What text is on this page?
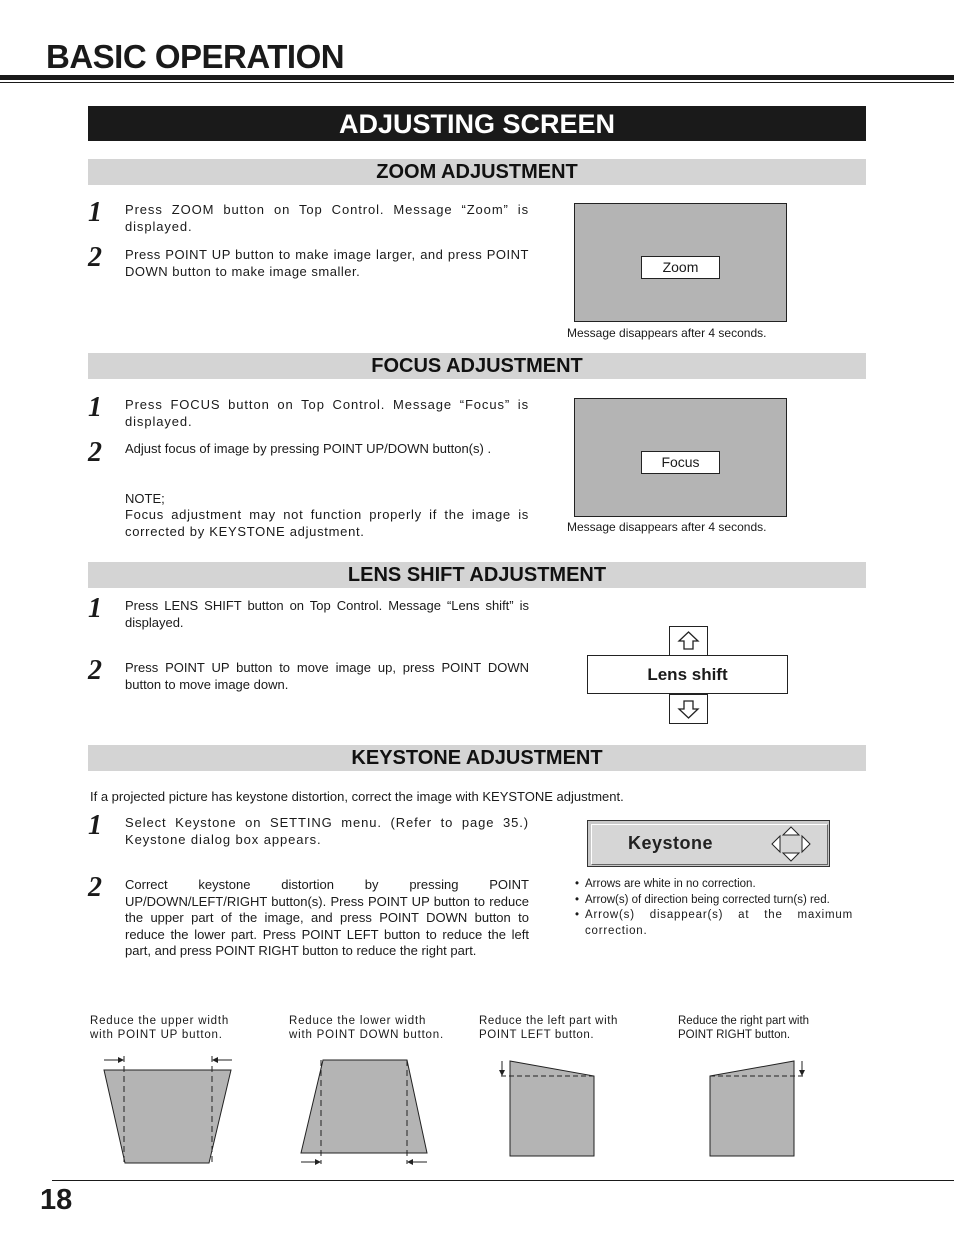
BASIC OPERATION
ADJUSTING SCREEN
ZOOM ADJUSTMENT
1 Press ZOOM button on Top Control. Message “Zoom” is displayed.
2 Press POINT UP button to make image larger, and press POINT DOWN button to make image smaller.	Zoom
Message disappears after 4 seconds.
FOCUS ADJUSTMENT
1 Press FOCUS button on Top Control. Message “Focus” is displayed.
2 Adjust focus of image by pressing POINT UP/DOWN button(s) .
NOTE;
Focus adjustment may not function properly if the image is corrected by KEYSTONE adjustment.
Focus
Message disappears after 4 seconds.
LENS SHIFT ADJUSTMENT
1 Press LENS SHIFT button on Top Control. Message “Lens shift” is displayed.
2 Press POINT UP button to move image up, press POINT DOWN button to move image down.	Lens shift
KEYSTONE ADJUSTMENT
If a projected picture has keystone distortion, correct the image with KEYSTONE adjustment.
1 Select Keystone on SETTING menu. (Refer to page 35.) Keystone dialog box appears.
2 Correct keystone distortion by pressing POINT UP/DOWN/LEFT/RIGHT button(s). Press POINT UP button to reduce the upper part of the image, and press POINT DOWN button to reduce the lower part. Press POINT LEFT button to reduce the left part, and press POINT RIGHT button to reduce the right part.
Keystone
• Arrows are white in no correction.
• Arrow(s) of direction being corrected turn(s) red.
• Arrow(s) disappear(s) at the maximum correction.
Reduce the upper width with POINT UP button.
Reduce the lower width with POINT DOWN button.
Reduce the left part with POINT LEFT button.
Reduce the right part with POINT RIGHT button.
18
